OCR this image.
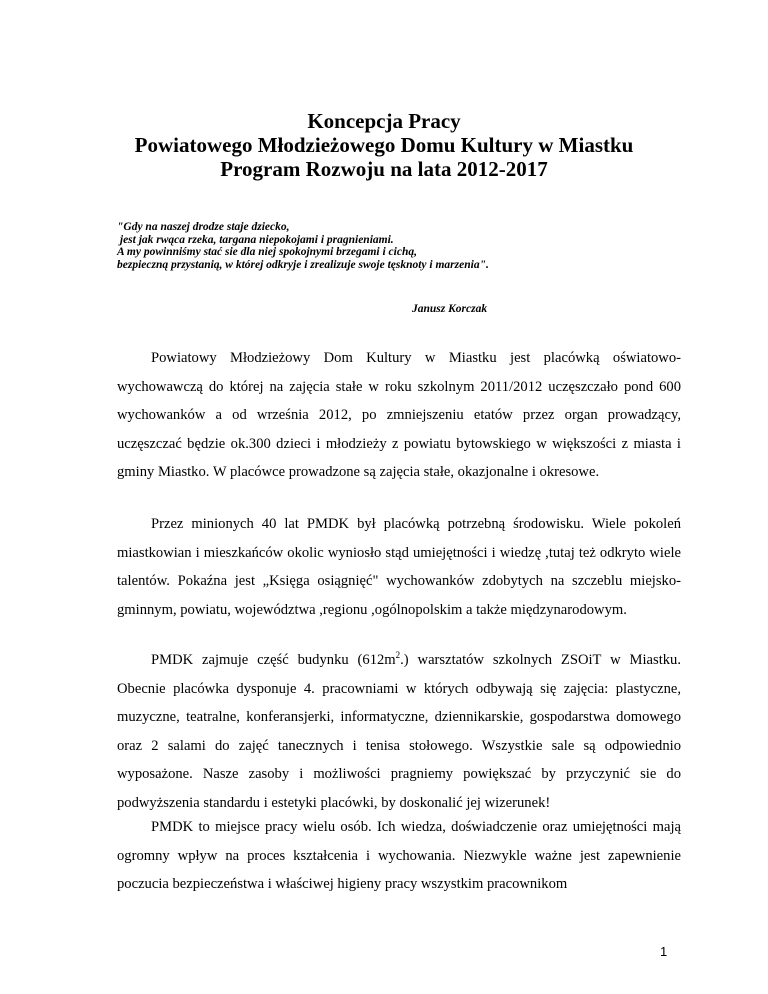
Koncepcja Pracy
Powiatowego Młodzieżowego Domu Kultury w Miastku
Program Rozwoju na lata 2012-2017
"Gdy na naszej drodze staje dziecko,
jest jak rwąca rzeka, targana niepokojami i pragnieniami.
A my powinniśmy stać sie dla niej spokojnymi brzegami i cichą,
bezpieczną przystanią, w której odkryje i zrealizuje swoje tęsknoty i marzenia".
Janusz Korczak

Powiatowy Młodzieżowy Dom Kultury w Miastku jest placówką oświatowo-wychowawczą do której na zajęcia stałe w roku szkolnym 2011/2012 uczęszczało pond 600 wychowanków a od września 2012, po zmniejszeniu etatów przez organ prowadzący, uczęszczać będzie ok.300 dzieci i młodzieży z powiatu bytowskiego w większości z miasta i gminy Miastko. W placówce prowadzone są zajęcia stałe, okazjonalne i okresowe.

Przez minionych 40 lat PMDK był placówką potrzebną środowisku. Wiele pokoleń miastkowian i mieszkańców okolic wyniosło stąd umiejętności i wiedzę ,tutaj też odkryto wiele talentów. Pokaźna jest „Księga osiągnięć" wychowanków zdobytych na szczeblu miejsko-gminnym, powiatu, województwa ,regionu ,ogólnopolskim a także międzynarodowym.

PMDK zajmuje część budynku $(612m^2.)$ warsztatów szkolnych ZSOiT w Miastku. Obecnie placówka dysponuje 4. pracowniami w których odbywają się zajęcia: plastyczne, muzyczne, teatralne, konferansjerki, informatyczne, dziennikarskie, gospodarstwa domowego oraz 2 salami do zajęć tanecznych i tenisa stołowego. Wszystkie sale są odpowiednio wyposażone. Nasze zasoby i możliwości pragniemy powiększać by przyczynić sie do podwyższenia standardu i estetyki placówki, by doskonalić jej wizerunek!

PMDK to miejsce pracy wielu osób. Ich wiedza, doświadczenie oraz umiejętności mają ogromny wpływ na proces kształcenia i wychowania. Niezwykle ważne jest zapewnienie poczucia bezpieczeństwa i właściwej higieny pracy wszystkim pracownikom

1
